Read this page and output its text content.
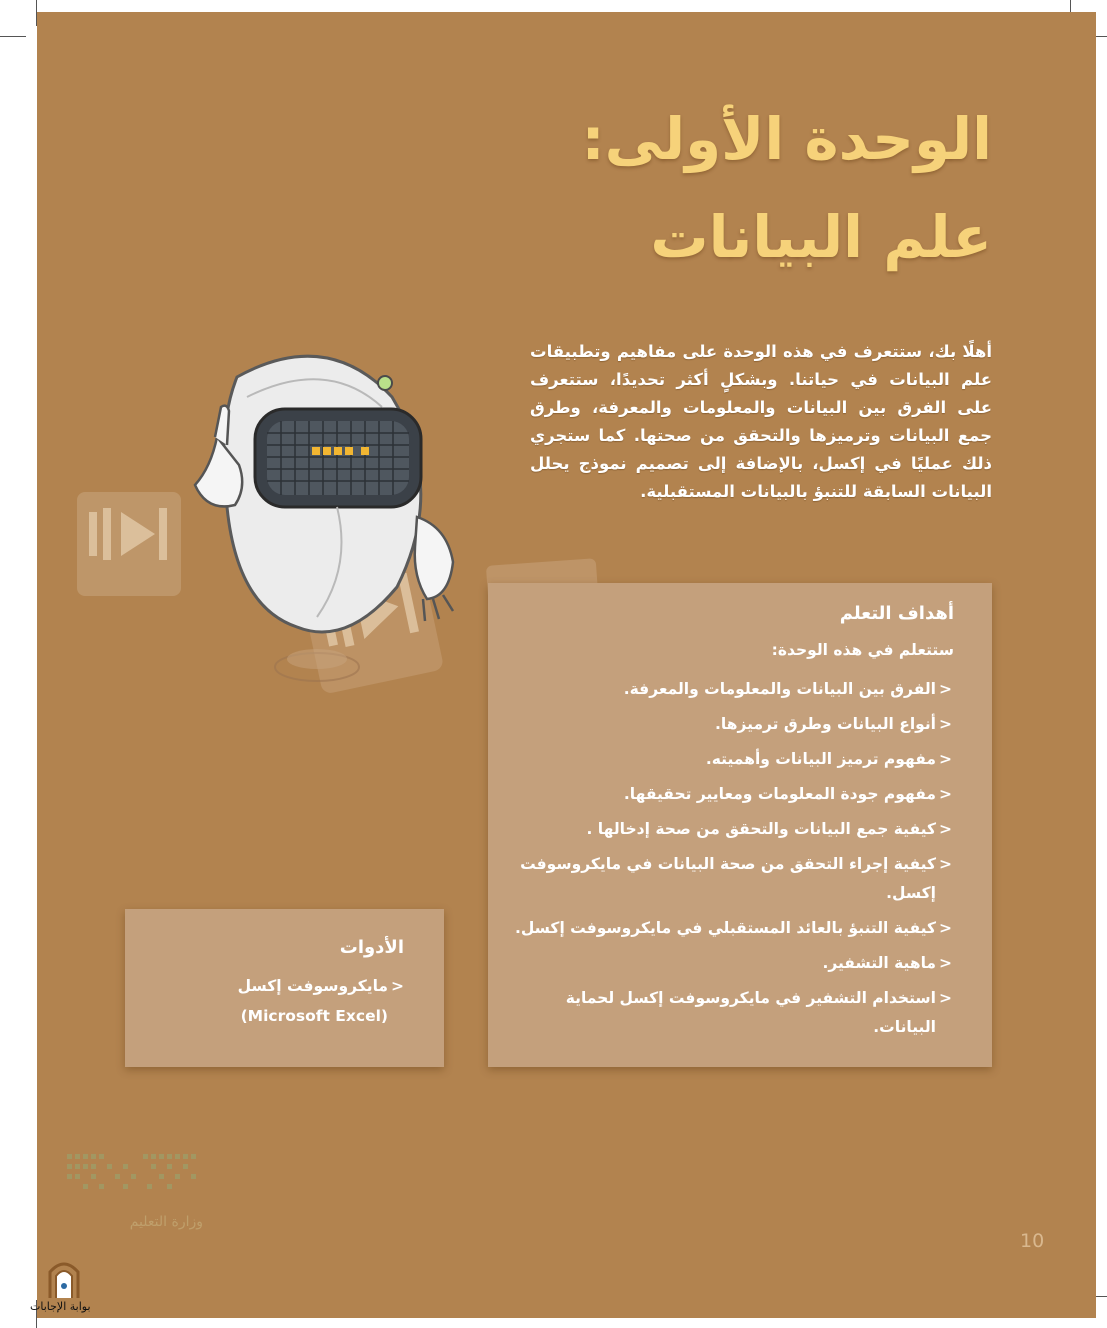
الوحدة الأولى:
علم البيانات
أهلًا بك، ستتعرف في هذه الوحدة على مفاهيم وتطبيقات علم البيانات في حياتنا. وبشكلٍ أكثر تحديدًا، ستتعرف على الفرق بين البيانات والمعلومات والمعرفة، وطرق جمع البيانات وترميزها والتحقق من صحتها. كما ستجري ذلك عمليًا في إكسل، بالإضافة إلى تصميم نموذج يحلل البيانات السابقة للتنبؤ بالبيانات المستقبلية.
أهداف التعلم
ستتعلم في هذه الوحدة:
< الفرق بين البيانات والمعلومات والمعرفة.
< أنواع البيانات وطرق ترميزها.
< مفهوم ترميز البيانات وأهميته.
< مفهوم جودة المعلومات ومعايير تحقيقها.
< كيفية جمع البيانات والتحقق من صحة إدخالها .
< كيفية إجراء التحقق من صحة البيانات في مايكروسوفت إكسل.
< كيفية التنبؤ بالعائد المستقبلي في مايكروسوفت إكسل.
< ماهية التشفير.
< استخدام التشفير في مايكروسوفت إكسل لحماية البيانات.
الأدوات
< مايكروسوفت إكسل
(Microsoft Excel)
10
وزارة التعليم
بوابة الإجابات
